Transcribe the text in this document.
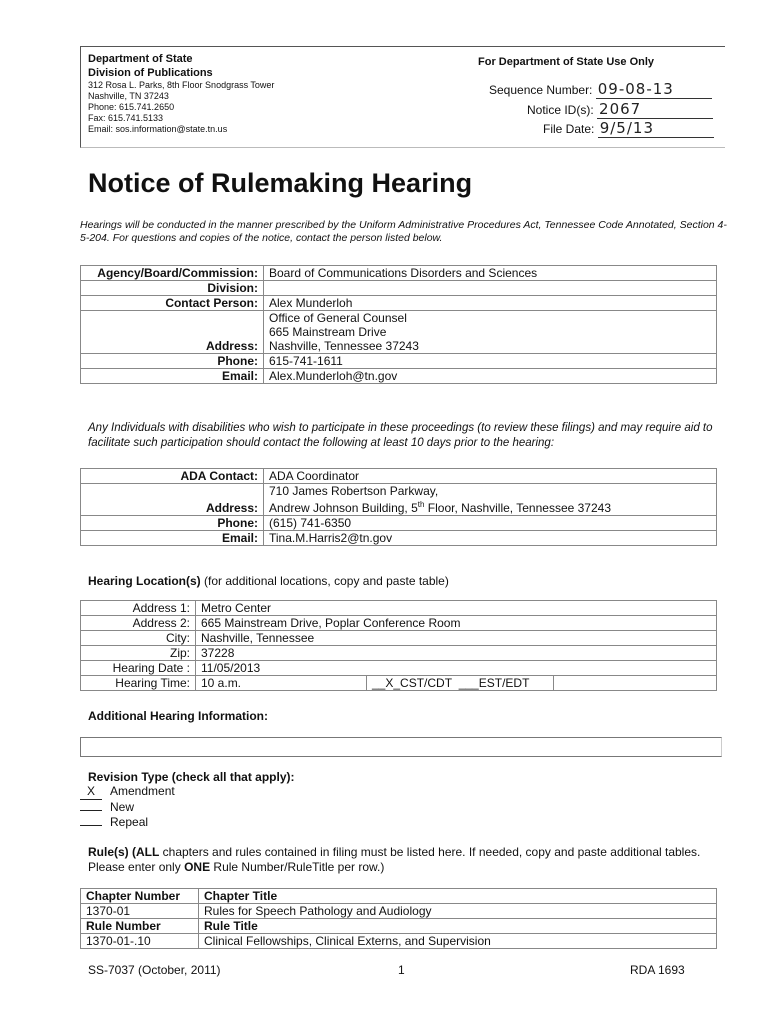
Department of State
Division of Publications
312 Rosa L. Parks, 8th Floor Snodgrass Tower
Nashville, TN 37243
Phone: 615.741.2650
Fax: 615.741.5133
Email: sos.information@state.tn.us
For Department of State Use Only
Sequence Number: 09-08-13
Notice ID(s): 2067
File Date: 9/5/13
Notice of Rulemaking Hearing
Hearings will be conducted in the manner prescribed by the Uniform Administrative Procedures Act, Tennessee Code Annotated, Section 4-5-204. For questions and copies of the notice, contact the person listed below.
Agency/Board/Commission:	Board of Communications Disorders and Sciences
Division:	
Contact Person:	Alex Munderloh
Address:	Office of General Counsel
665 Mainstream Drive
Nashville, Tennessee 37243

Phone:	615-741-1611
Email:	Alex.Munderloh@tn.gov
Any Individuals with disabilities who wish to participate in these proceedings (to review these filings) and may require aid to facilitate such participation should contact the following at least 10 days prior to the hearing:
ADA Contact:	ADA Coordinator
Address:	710 James Robertson Parkway,
Andrew Johnson Building, 5th Floor, Nashville, Tennessee 37243

Phone:	(615) 741-6350
Email:	Tina.M.Harris2@tn.gov
Hearing Location(s) (for additional locations, copy and paste table)
Address 1:	Metro Center		
Address 2:	665 Mainstream Drive, Poplar Conference Room		
City:	Nashville, Tennessee		
Zip:	37228		
Hearing Date :	11/05/2013		
Hearing Time:	10 a.m.	__X_CST/CDT ___EST/EDT	
Additional Hearing Information:
Revision Type (check all that apply):
X Amendment
New
Repeal
Rule(s) (ALL chapters and rules contained in filing must be listed here. If needed, copy and paste additional tables. Please enter only ONE Rule Number/RuleTitle per row.)
Chapter Number	Chapter Title
1370-01	Rules for Speech Pathology and Audiology
Rule Number	Rule Title
1370-01-.10	Clinical Fellowships, Clinical Externs, and Supervision
SS-7037 (October, 2011)	1	RDA 1693
